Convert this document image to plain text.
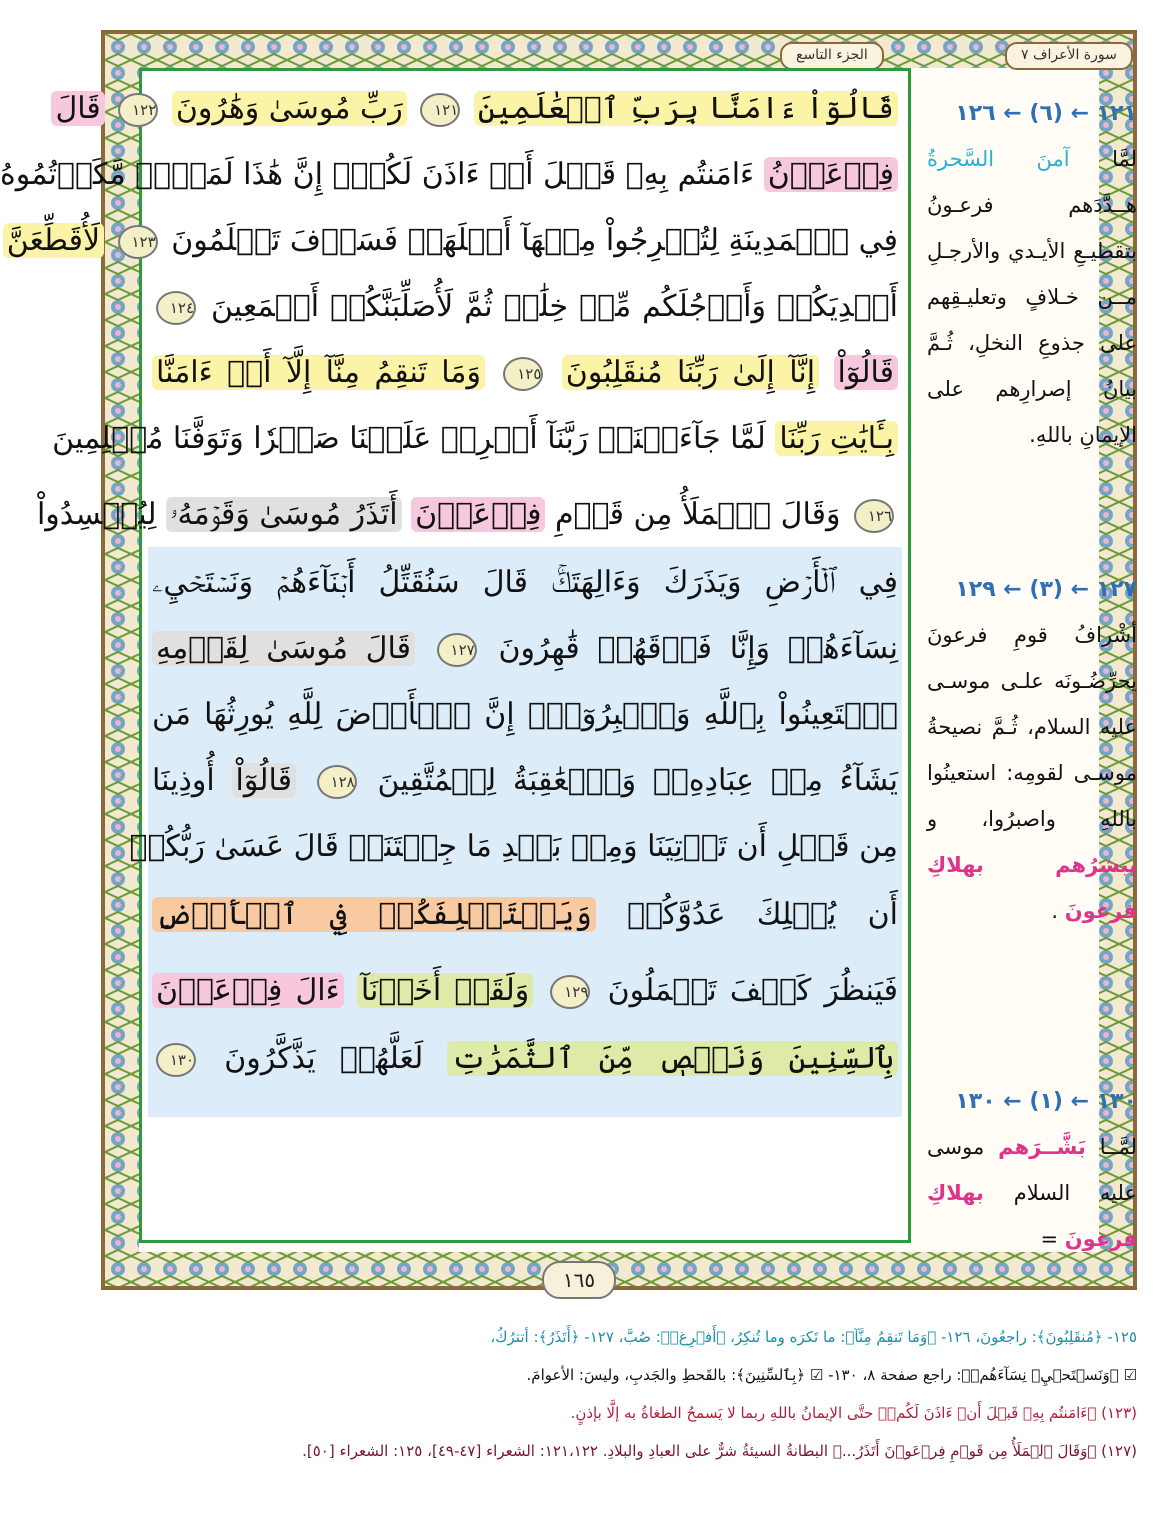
الجزء التاسع	سورة الأعراف ٧
قَالُوٓاْ ءَامَنَّا بِرَبِّ ٱلۡعَٰلَمِينَ ١٢١ رَبِّ مُوسَىٰ وَهَٰرُونَ ١٢٢ قَالَ
فِرۡعَوۡنُ ءَامَنتُم بِهِۦ قَبۡلَ أَنۡ ءَاذَنَ لَكُمۡۖ إِنَّ هَٰذَا لَمَكۡرٞ مَّكَرۡتُمُوهُ
فِي ٱلۡمَدِينَةِ لِتُخۡرِجُواْ مِنۡهَآ أَهۡلَهَاۖ فَسَوۡفَ تَعۡلَمُونَ ١٢٣ لَأُقَطِّعَنَّ
أَيۡدِيَكُمۡ وَأَرۡجُلَكُم مِّنۡ خِلَٰفٖ ثُمَّ لَأُصَلِّبَنَّكُمۡ أَجۡمَعِينَ ١٢٤
قَالُوٓاْ إِنَّآ إِلَىٰ رَبِّنَا مُنقَلِبُونَ ١٢٥ وَمَا تَنقِمُ مِنَّآ إِلَّآ أَنۡ ءَامَنَّا
بِـَٔايَٰتِ رَبِّنَا لَمَّا جَآءَتۡنَاۚ رَبَّنَآ أَفۡرِغۡ عَلَيۡنَا صَبۡرٗا وَتَوَفَّنَا مُسۡلِمِينَ
١٢٦ وَقَالَ ٱلۡمَلَأُ مِن قَوۡمِ فِرۡعَوۡنَ أَتَذَرُ مُوسَىٰ وَقَوۡمَهُۥ لِيُفۡسِدُواْ
فِي ٱلۡأَرۡضِ وَيَذَرَكَ وَءَالِهَتَكَۚ قَالَ سَنُقَتِّلُ أَبۡنَآءَهُمۡ وَنَسۡتَحۡيِۦ
نِسَآءَهُمۡ وَإِنَّا فَوۡقَهُمۡ قَٰهِرُونَ ١٢٧ قَالَ مُوسَىٰ لِقَوۡمِهِ
ٱسۡتَعِينُواْ بِٱللَّهِ وَٱصۡبِرُوٓاْۖ إِنَّ ٱلۡأَرۡضَ لِلَّهِ يُورِثُهَا مَن
يَشَآءُ مِنۡ عِبَادِهِۦۖ وَٱلۡعَٰقِبَةُ لِلۡمُتَّقِينَ ١٢٨ قَالُوٓاْ أُوذِينَا
مِن قَبۡلِ أَن تَأۡتِيَنَا وَمِنۢ بَعۡدِ مَا جِئۡتَنَاۚ قَالَ عَسَىٰ رَبُّكُمۡ
أَن يُهۡلِكَ عَدُوَّكُمۡ وَيَسۡتَخۡلِفَكُمۡ فِي ٱلۡأَرۡضِ
فَيَنظُرَ كَيۡفَ تَعۡمَلُونَ ١٢٩ وَلَقَدۡ أَخَذۡنَآ ءَالَ فِرۡعَوۡنَ
بِٱلسِّنِينَ وَنَقۡصٖ مِّنَ ٱلثَّمَرَٰتِ لَعَلَّهُمۡ يَذَّكَّرُونَ ١٣٠
١٦٥
١٢١ ← (٦) ← ١٢٦
لمَّا آمنَ السَّحرةُ هــدَّدَهم فرعـونُ بتقطيـعِ الأيـدي والأرجـلِ مــن خـلافٍ وتعليـقِهم على جذوعِ النخلِ، ثُـمَّ بيانُ إصرارِهم على الإيمانِ باللهِ.
١٢٧ ← (٣) ← ١٢٩
أشْرافُ قومِ فرعونَ يحرِّضُـونَه علـى موسـى عليه السلام، ثُـمَّ نصيحةُ موسـى لقومِه: استعينُوا باللهِ واصبرُوا، و يبشرُهم بهلاكِ فرعونَ .
١٣٠ ← (١) ← ١٣٠
لمَّــا بَشَّــرَهم موسى عليه السلام بهلاكِ فرعونَ =
١٢٥- ﴿مُنقَلِبُونَ﴾: راجعُونَ، ١٢٦- ﴿وَمَا تَنقِمُ مِنَّآ﴾: ما تَكرَه وما تُنكِرُ، ﴿أَفۡرِغۡ﴾: صُبَّ، ١٢٧- ﴿أَتَذَرُ﴾: أتترُكُ،
☑ ﴿وَنَسۡتَحۡيِۦ نِسَآءَهُمۡ﴾: راجع صفحة ٨، ١٣٠- ☑ ﴿بِٱلسِّنِينَ﴾: بالقَحطِ والجَدبِ، وليسَ: الأعوامَ.
(١٢٣) ﴿ءَامَنتُم بِهِۦ قَبۡلَ أَنۡ ءَاذَنَ لَكُمۡ﴾ حتَّى الإيمانُ باللهِ ربما لا يَسمحُ الطغاةُ به إلَّا بإذنٍ.
(١٢٧) ﴿وَقَالَ ٱلۡمَلَأُ مِن قَوۡمِ فِرۡعَوۡنَ أَتَذَرُ...﴾ البطانةُ السيئةُ شرٌّ على العبادِ والبلادِ. ١٢١،١٢٢: الشعراء [٤٧-٤٩]، ١٢٥: الشعراء [٥٠].
